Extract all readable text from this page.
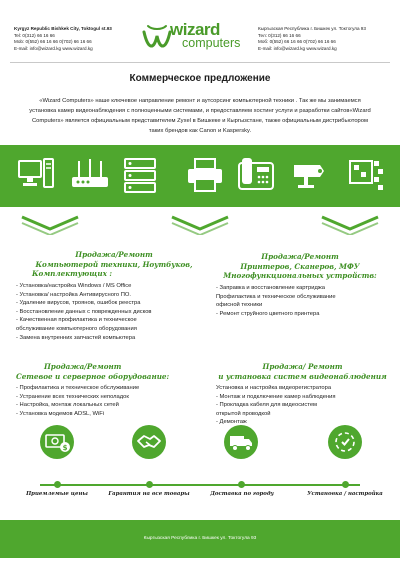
Kyrgyz Republic Bishkek City, Toktogul st.93
Tel: 0(312) 66 16 66
Mob: 0(552) 66 16 66 0(702) 66 16 66
E-mail: info@wizard.kg www.wizard.kg
wizard
computers
Кыргызская Республика г. Бишкек ул. Токтогула 93
Тел: 0(312) 66 16 66
Моб: 0(552) 66 16 66 0(702) 66 16 66
E-mail: info@wizard.kg www.wizard.kg
Коммерческое предложение
«Wizard Computers» наше ключевое направление ремонт и аутсорсинг компьютерной техники . Так же мы занимаемся установка камер видеонаблюдения с полноценными системами, и предоставляем хостинг услуги и разработки сайтов«Wizard Computers» является официальным представителем Zyxel в Бишкеке и Кыргызстане, также официальным дистрибьютором таких брендов как Canon и Kaspersky.
Продажа/Ремонт
Компьютерой техники, Ноутбуков,
Комплектующих :
- Установка/настройка Windows / MS Office
- Установка/ настройка Антивирусного ПО.
- Удаление вирусов, троянов, ошибок реестра
- Восстановление данных с поврежденных дисков
- Качественная профилактика и техническое
обслуживание компьютерного оборудования
- Замена внутренних запчастей компьютера
Продажа/Ремонт
Принтеров, Сканеров, МФУ
Многофункциональных устройств:
- Заправка и восстановление картриджа
Профилактика и техническое обслуживание
офисной техники
- Ремонт струйного цветного принтера
Продажа/Ремонт
Сетевое и серверное оборудование:
- Профилактика и техническое обслуживание
- Устранение всех технических неполадок
- Настройка, монтаж локальных сетей
- Установка модемов ADSL, WiFi
Продажа/ Ремонт
и установка систем видеонаблюдения
Установка и настройка видеорегистратора
- Монтаж и подключение камер наблюдения
- Прокладка кабеля для видеосистем
открытой проводкой
- Демонтаж
$
Приемлемые цены	Гарантия на все товары	Доставка по городу	Установка / настройка
Кыргызская Республика г. Бишкек ул. Токтогула 93
